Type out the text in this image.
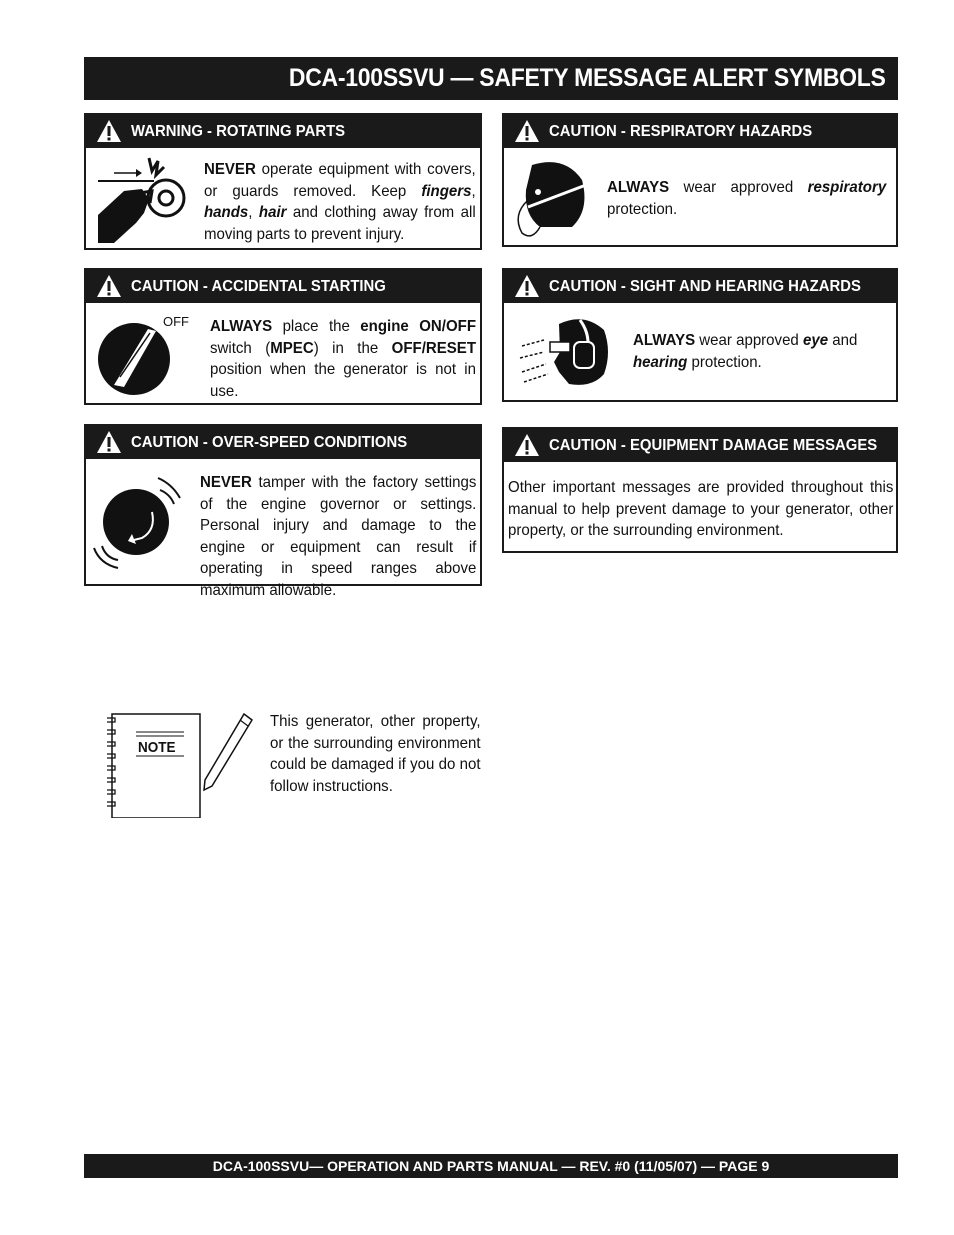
DCA-100SSVU — SAFETY MESSAGE ALERT SYMBOLS
WARNING - ROTATING PARTS
NEVER operate equipment with covers, or guards removed. Keep fingers, hands, hair and clothing away from all moving parts to prevent injury.
CAUTION - RESPIRATORY HAZARDS
ALWAYS wear approved respiratory protection.
CAUTION - ACCIDENTAL STARTING
OFF ALWAYS place the engine ON/OFF switch (MPEC) in the OFF/RESET position when the generator is not in use.
CAUTION - SIGHT AND HEARING HAZARDS
ALWAYS wear approved eye and hearing protection.
CAUTION - OVER-SPEED CONDITIONS
NEVER tamper with the factory settings of the engine governor or settings. Personal injury and damage to the engine or equipment can result if operating in speed ranges above maximum allowable.
CAUTION - EQUIPMENT DAMAGE MESSAGES
Other important messages are provided throughout this manual to help prevent damage to your generator, other property, or the surrounding environment.
NOTE
This generator, other property, or the surrounding environment could be damaged if you do not follow instructions.
DCA-100SSVU— OPERATION AND PARTS MANUAL — REV. #0 (11/05/07) — PAGE 9
